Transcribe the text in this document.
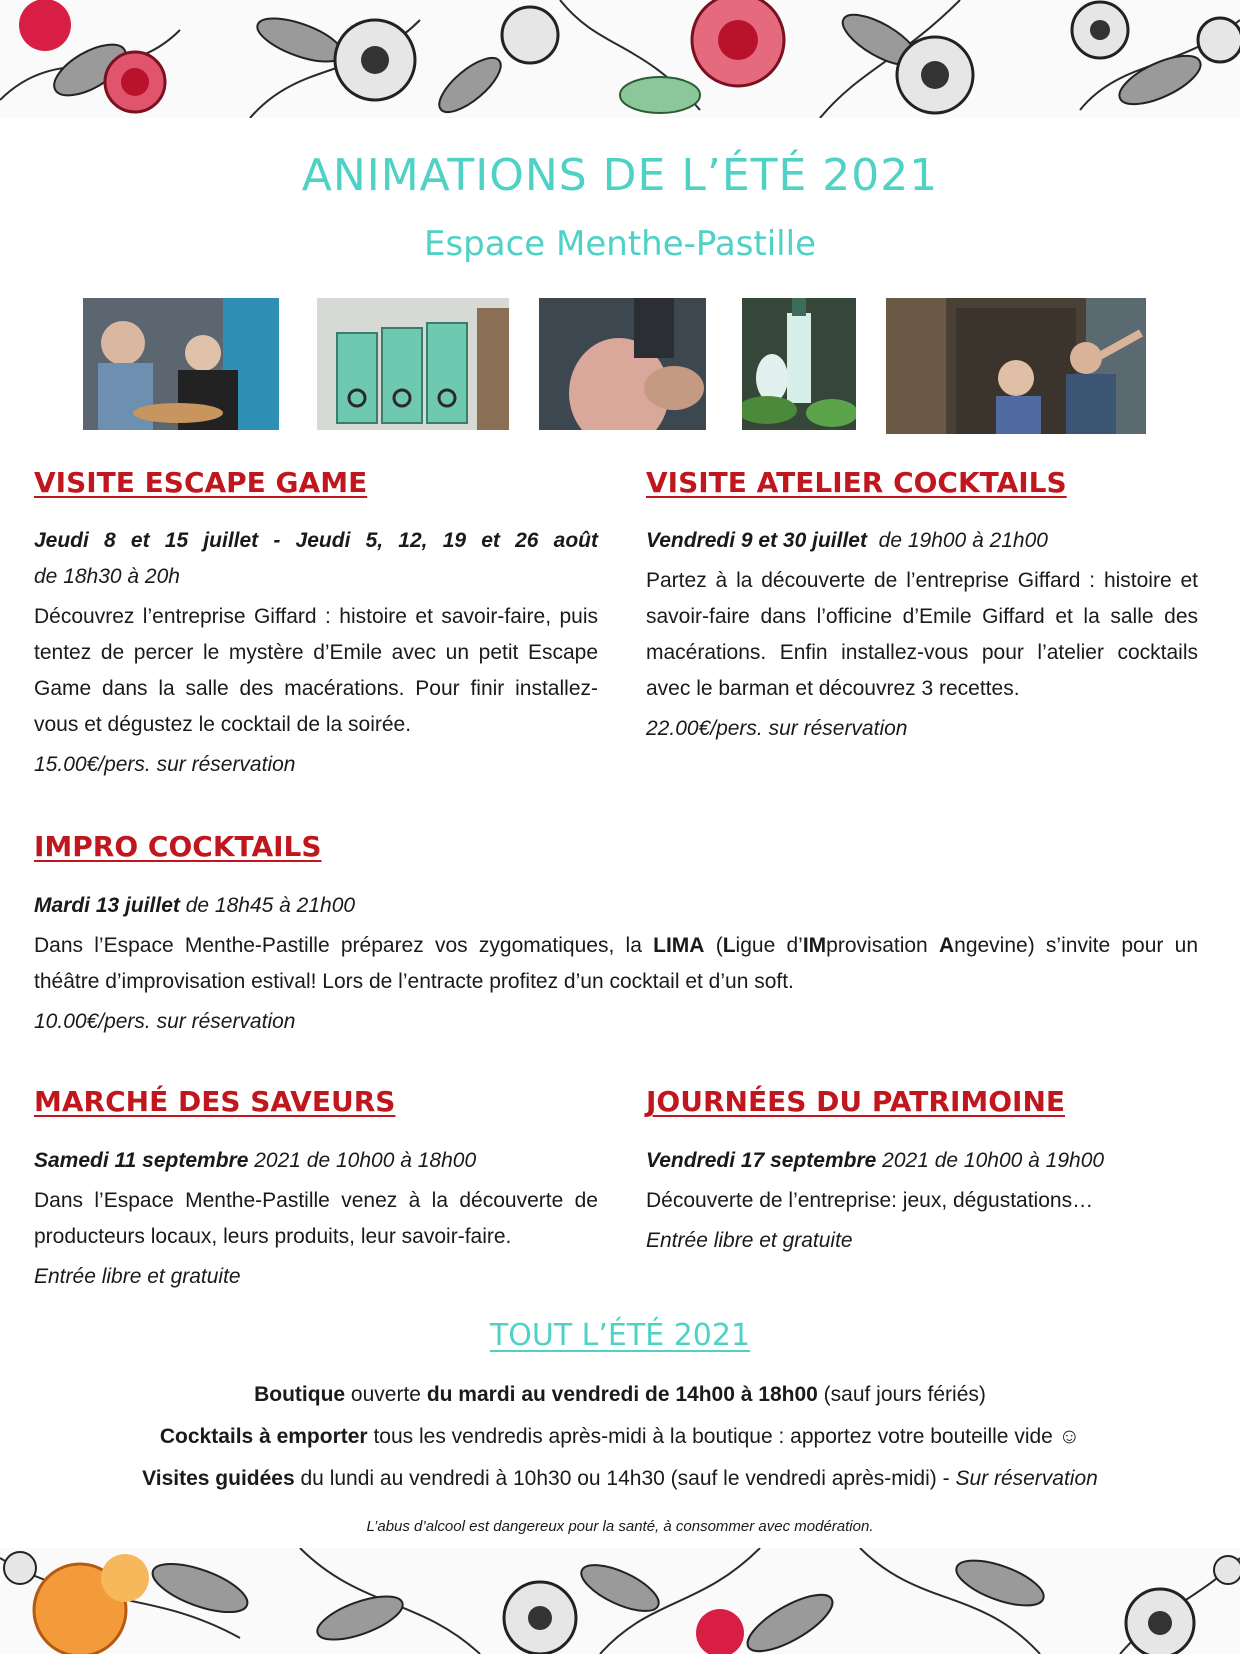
ANIMATIONS DE L’ÉTÉ 2021
Espace Menthe-Pastille
VISITE ESCAPE GAME
Jeudi 8 et 15 juillet - Jeudi 5, 12, 19 et 26 août
de 18h30 à 20h
Découvrez l’entreprise Giffard : histoire et savoir-faire, puis tentez de percer le mystère d’Emile avec un petit Escape Game dans la salle des macérations. Pour finir installez-vous et dégustez le cocktail de la soirée.
15.00€/pers. sur réservation
VISITE ATELIER COCKTAILS
Vendredi 9 et 30 juillet de 19h00 à 21h00
Partez à la découverte de l’entreprise Giffard : histoire et savoir-faire dans l’officine d’Emile Giffard et la salle des macérations. Enfin installez-vous pour l’atelier cocktails avec le barman et découvrez 3 recettes.
22.00€/pers. sur réservation
IMPRO COCKTAILS
Mardi 13 juillet de 18h45 à 21h00
Dans l’Espace Menthe-Pastille préparez vos zygomatiques, la LIMA (Ligue d’IMprovisation Angevine) s’invite pour un théâtre d’improvisation estival! Lors de l’entracte profitez d’un cocktail et d’un soft.
10.00€/pers. sur réservation
MARCHÉ DES SAVEURS
Samedi 11 septembre 2021 de 10h00 à 18h00
Dans l’Espace Menthe-Pastille venez à la découverte de producteurs locaux, leurs produits, leur savoir-faire.
Entrée libre et gratuite
JOURNÉES DU PATRIMOINE
Vendredi 17 septembre 2021 de 10h00 à 19h00
Découverte de l’entreprise: jeux, dégustations…
Entrée libre et gratuite
TOUT L’ÉTÉ 2021
Boutique ouverte du mardi au vendredi de 14h00 à 18h00 (sauf jours fériés)
Cocktails à emporter tous les vendredis après-midi à la boutique : apportez votre bouteille vide ☺
Visites guidées du lundi au vendredi à 10h30 ou 14h30 (sauf le vendredi après-midi) - Sur réservation
L’abus d’alcool est dangereux pour la santé, à consommer avec modération.
